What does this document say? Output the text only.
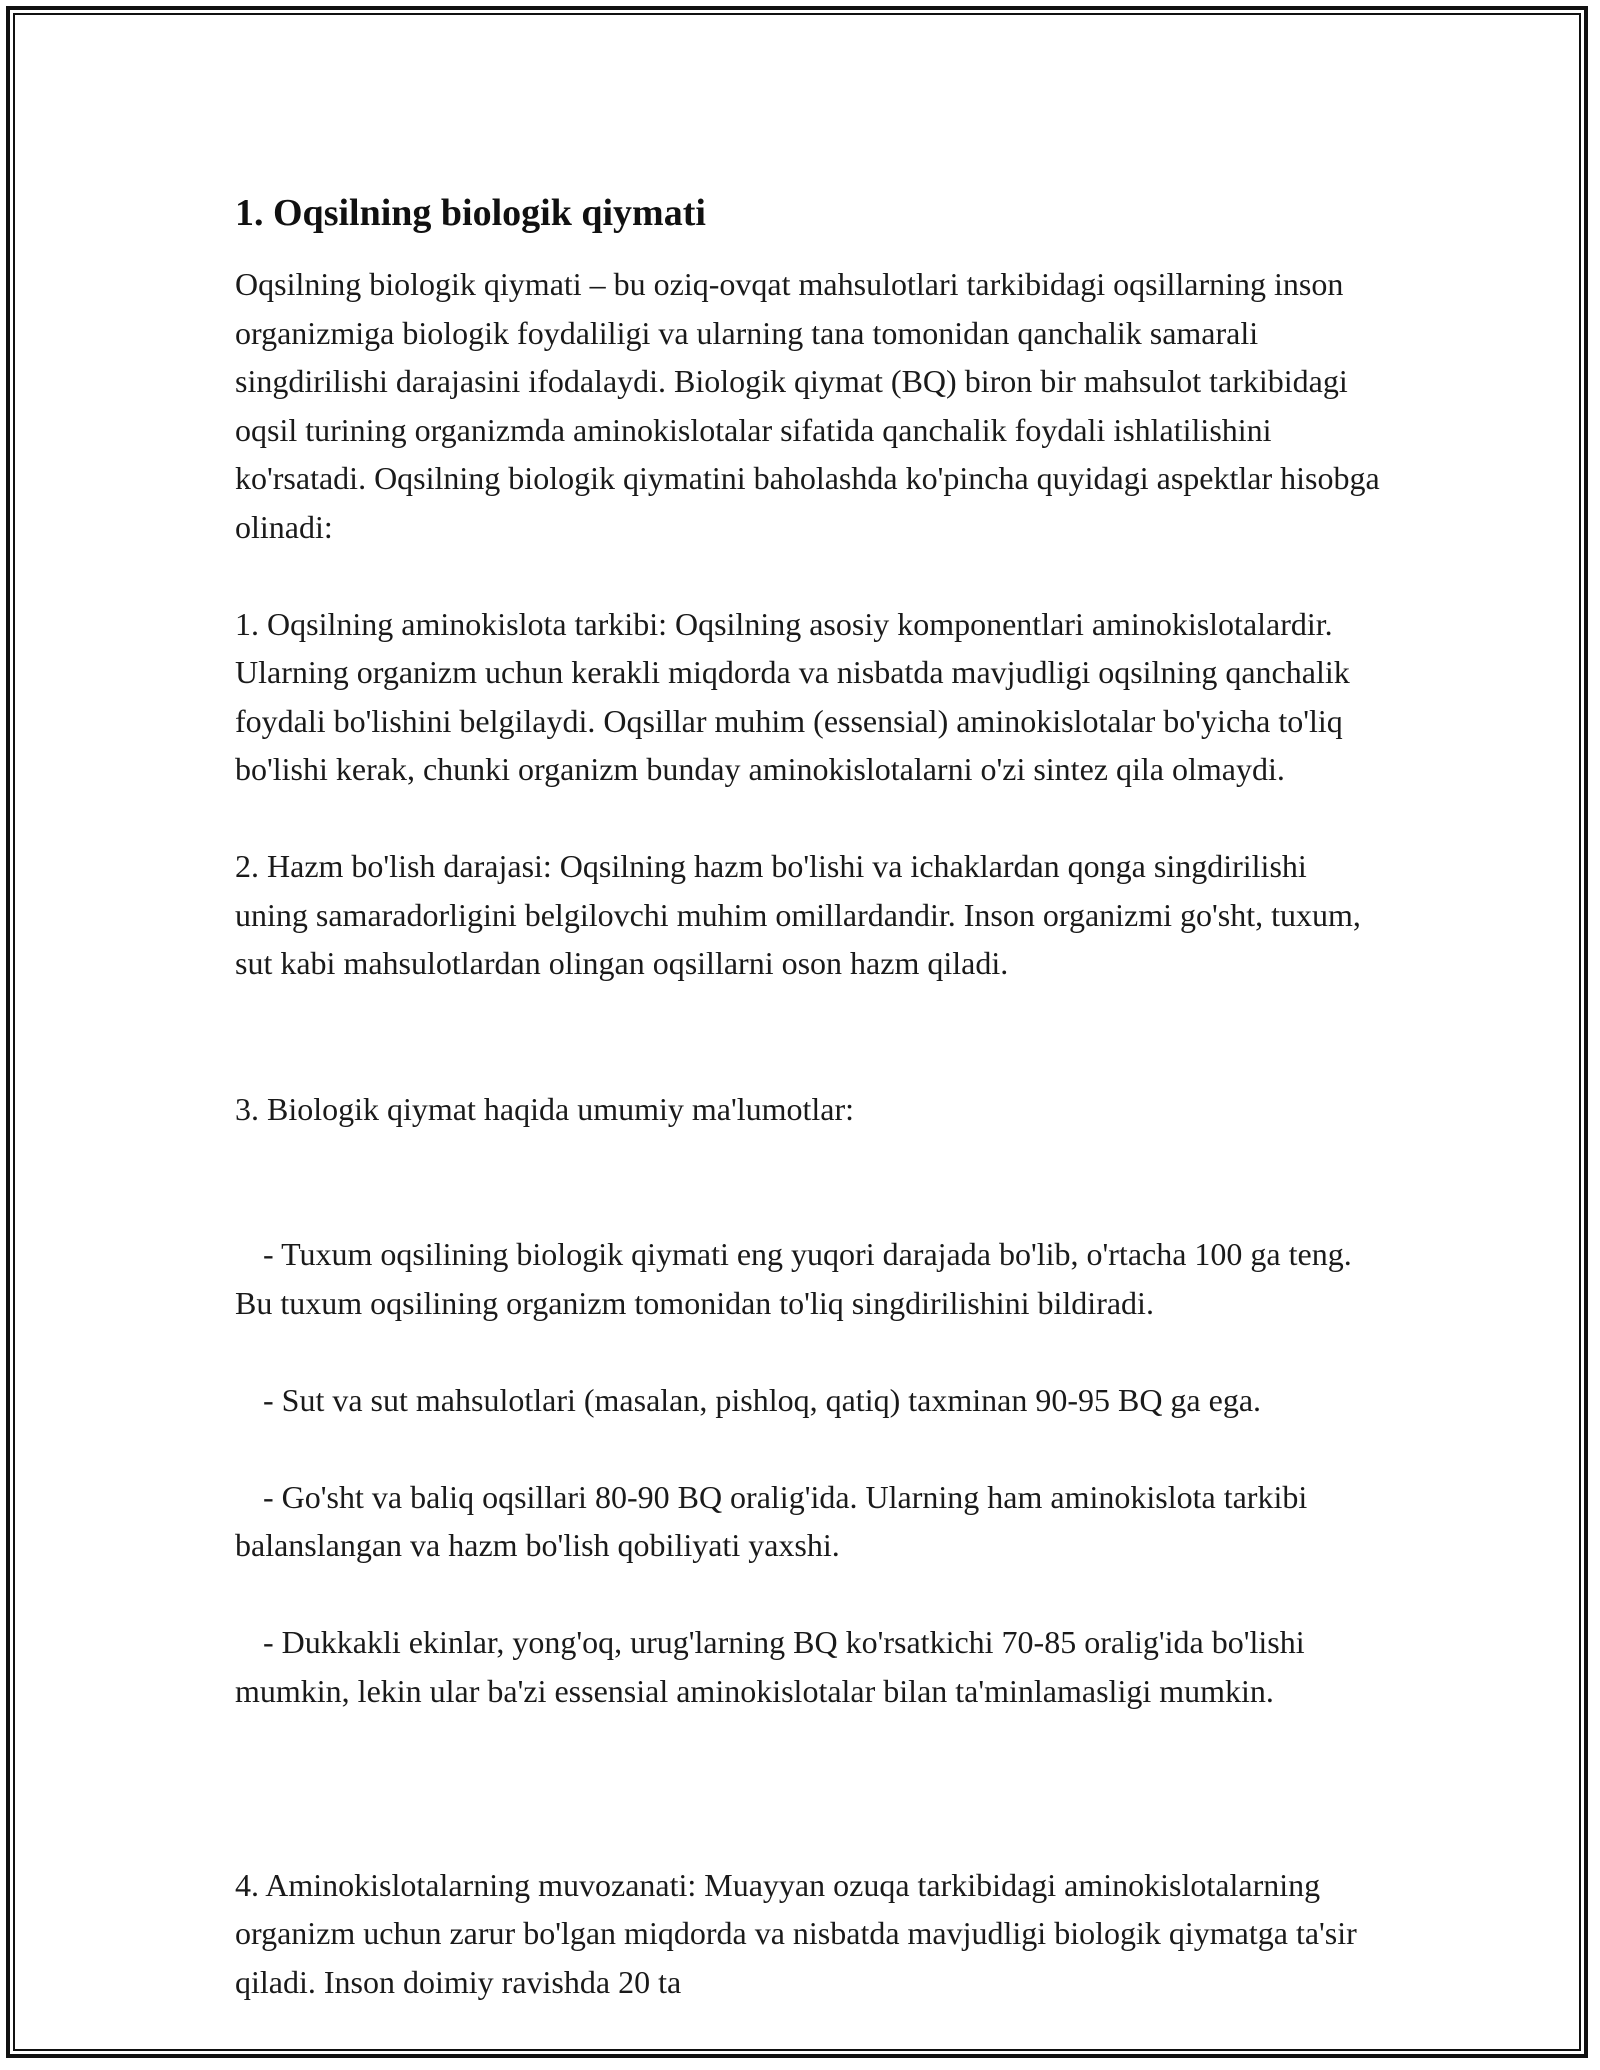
1. Oqsilning biologik qiymati

Oqsilning biologik qiymati – bu oziq-ovqat mahsulotlari tarkibidagi oqsillarning inson organizmiga biologik foydaliligi va ularning tana tomonidan qanchalik samarali singdirilishi darajasini ifodalaydi. Biologik qiymat (BQ) biron bir mahsulot tarkibidagi oqsil turining organizmda aminokislotalar sifatida qanchalik foydali ishlatilishini ko'rsatadi. Oqsilning biologik qiymatini baholashda ko'pincha quyidagi aspektlar hisobga olinadi:

1. Oqsilning aminokislota tarkibi: Oqsilning asosiy komponentlari aminokislotalardir. Ularning organizm uchun kerakli miqdorda va nisbatda mavjudligi oqsilning qanchalik foydali bo'lishini belgilaydi. Oqsillar muhim (essensial) aminokislotalar bo'yicha to'liq bo'lishi kerak, chunki organizm bunday aminokislotalarni o'zi sintez qila olmaydi.

2. Hazm bo'lish darajasi: Oqsilning hazm bo'lishi va ichaklardan qonga singdirilishi uning samaradorligini belgilovchi muhim omillardandir. Inson organizmi go'sht, tuxum, sut kabi mahsulotlardan olingan oqsillarni oson hazm qiladi.

3. Biologik qiymat haqida umumiy ma'lumotlar:

- Tuxum oqsilining biologik qiymati eng yuqori darajada bo'lib, o'rtacha 100 ga teng. Bu tuxum oqsilining organizm tomonidan to'liq singdirilishini bildiradi.

- Sut va sut mahsulotlari (masalan, pishloq, qatiq) taxminan 90-95 BQ ga ega.

- Go'sht va baliq oqsillari 80-90 BQ oralig'ida. Ularning ham aminokislota tarkibi balanslangan va hazm bo'lish qobiliyati yaxshi.

- Dukkakli ekinlar, yong'oq, urug'larning BQ ko'rsatkichi 70-85 oralig'ida bo'lishi mumkin, lekin ular ba'zi essensial aminokislotalar bilan ta'minlamasligi mumkin.

4. Aminokislotalarning muvozanati: Muayyan ozuqa tarkibidagi aminokislotalarning organizm uchun zarur bo'lgan miqdorda va nisbatda mavjudligi biologik qiymatga ta'sir qiladi. Inson doimiy ravishda 20 ta
